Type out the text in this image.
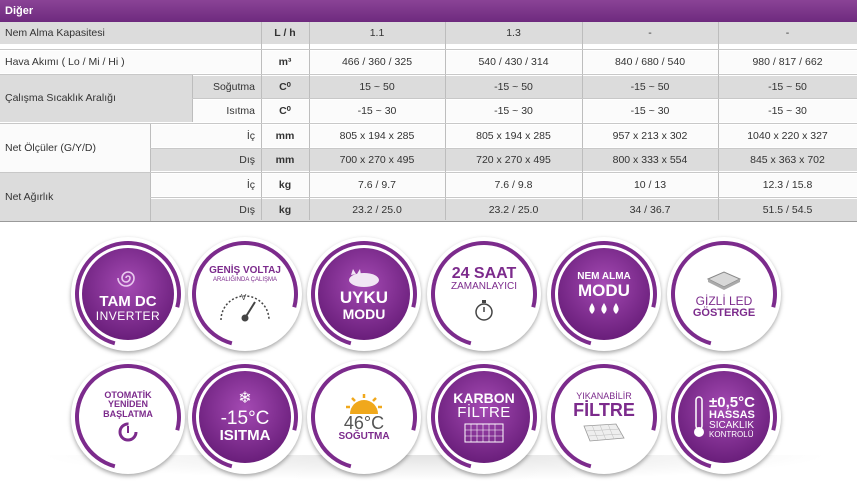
Diğer
Nem Alma Kapasitesi	L / h	1.1	1.3	-	-
Hava Akımı ( Lo / Mi / Hi )	m³	466 / 360 / 325	540 / 430 / 314	840 / 680 / 540	980 / 817 / 662
Çalışma Sıcaklık Aralığı
Soğutma	C⁰	15 ~ 50	-15 ~ 50	-15 ~ 50	-15 ~ 50
Isıtma	C⁰	-15 ~ 30	-15 ~ 30	-15 ~ 30	-15 ~ 30
Net Ölçüler (G/Y/D)
İç	mm	805 x 194 x 285	805 x 194 x 285	957 x 213 x 302	1040 x 220 x 327
Dış	mm	700 x 270 x 495	720 x 270 x 495	800 x 333 x 554	845 x 363 x 702
Net Ağırlık
İç	kg	7.6 / 9.7	7.6 / 9.8	10 / 13	12.3 / 15.8
Dış	kg	23.2 / 25.0	23.2 / 25.0	34 / 36.7	51.5 / 54.5
TAM DC
INVERTER
GENİŞ VOLTAJ
ARALIĞINDA ÇALIŞMA
V	UYKU
MODU
24 SAAT
ZAMANLAYICI
NEM ALMA
MODU
GİZLİ LED
GÖSTERGE
OTOMATİK
YENİDEN
BAŞLATMA
❄
-15°C
ISITMA
46°C
SOĞUTMA
KARBON
FİLTRE
YIKANABİLİR
FİLTRE	±0,5°C
HASSAS
SICAKLIK
KONTROLÜ
